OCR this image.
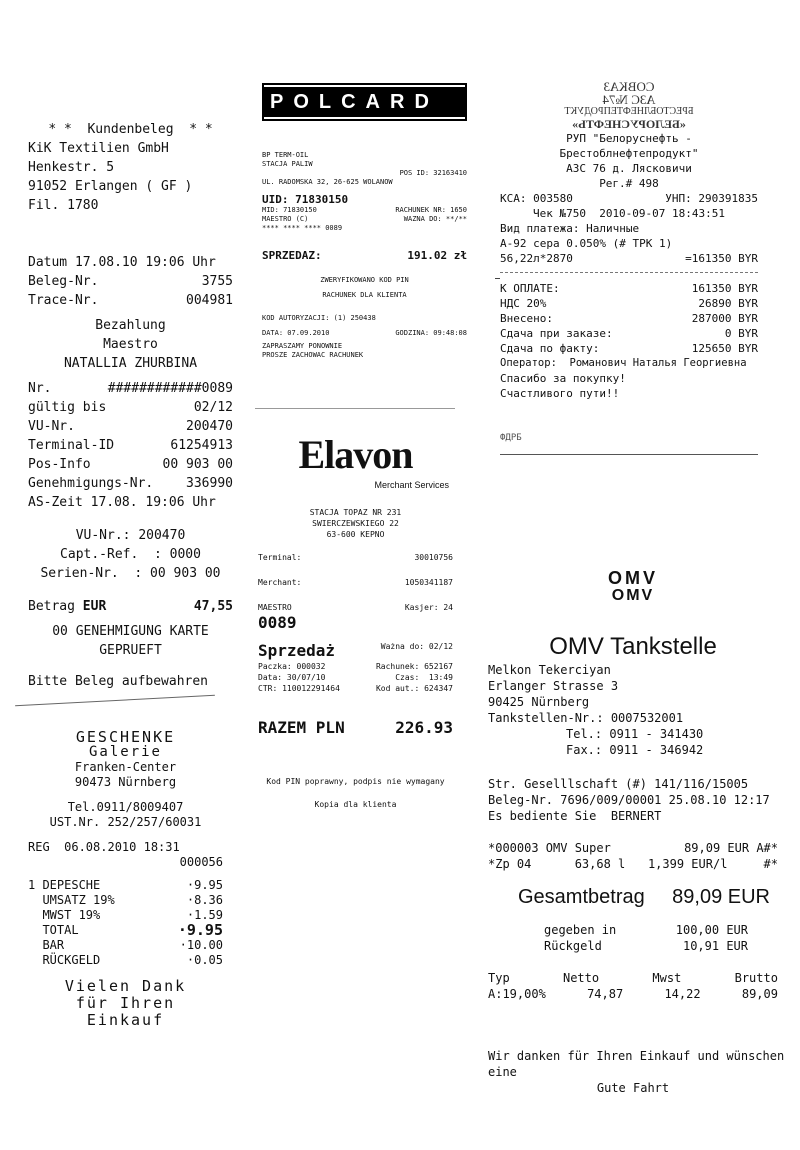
* *  Kundenbeleg  * *
KiK Textilien GmbH
Henkestr. 5
91052 Erlangen ( GF )
Fil. 1780
Datum 17.08.10 19:06 Uhr
Beleg-Nr.	3755
Trace-Nr.	004981
Bezahlung
Maestro
NATALLIA ZHURBINA
Nr.	############0089
gültig bis	02/12
VU-Nr.	200470
Terminal-ID	61254913
Pos-Info	00 903 00
Genehmigungs-Nr.	336990
AS-Zeit 17.08. 19:06 Uhr
VU-Nr.: 200470
Capt.-Ref.  : 0000
Serien-Nr.  : 00 903 00
Betrag EUR	47,55
00 GENEHMIGUNG KARTE
GEPRUEFT
Bitte Beleg aufbewahren
GESCHENKE
Galerie
Franken-Center
90473 Nürnberg
Tel.0911/8009407
UST.Nr. 252/257/60031
REG  06.08.2010 18:31
000056
1 DEPESCHE	·9.95
UMSATZ 19%	·8.36
MWST 19%	·1.59
TOTAL	·9.95
BAR	·10.00
RÜCKGELD	·0.05
Vielen Dank
für Ihren
Einkauf
POLCARD
BP TERM-OIL
STACJA PALIW
POS ID: 32163410
UL. RADOMSKA 32, 26-625 WOLANOW
UID: 71830150
MID: 71830150	RACHUNEK NR: 1650
MAESTRO (C)	WAZNA DO: **/**
**** **** **** 0089
SPRZEDAZ:	191.02 zł
ZWERYFIKOWANO KOD PIN
RACHUNEK DLA KLIENTA
KOD AUTORYZACJI: (1) 250438
DATA: 07.09.2010	GODZINA: 09:48:08
ZAPRASZAMY PONOWNIE
PROSZE ZACHOWAC RACHUNEK
Elavon
Merchant Services
STACJA TOPAZ NR 231
SWIERCZEWSKIEGO 22
63-600 KEPNO
Terminal:	30010756
Merchant:	1050341187
MAESTRO	Kasjer: 24
0089
Sprzedaż	Ważna do: 02/12
Paczka: 000032	Rachunek: 652167
Data: 30/07/10	Czas:  13:49
CTR: 110012291464	Kod aut.: 624347
RAZEM PLN	226.93
Kod PIN poprawny, podpis nie wymagany
Kopia dla klienta
СОВКАЗ
АЗС №74
БРЕСТОБЛНЕФТЕПРОДУКТ
«БЕЛОРУСНЕФТЬ»
РУП "Белоруснефть -
Брестоблнефтепродукт"
АЗС 76 д. Лясковичи
Рег.# 498
КСА: 003580	УНП: 290391835
Чек №750  2010-09-07 18:43:51
Вид платежа: Наличные
А-92 сера 0.050% (# ТРК 1)
56,22л*2870	=161350 BYR
К ОПЛАТЕ:	161350 BYR
НДС 20%	26890 BYR
Внесено:	287000 BYR
Сдача при заказе:	0 BYR
Сдача по факту:	125650 BYR
Оператор:  Романович Наталья Георгиевна
Спасибо за покупку!
Счастливого пути!!
ФДРБ
OMV
OMV
OMV Tankstelle
Melkon Tekerciyan
Erlanger Strasse 3
90425 Nürnberg
Tankstellen-Nr.: 0007532001
Tel.: 0911 - 341430
Fax.: 0911 - 346942
Str. Geselllschaft (#) 141/116/15005
Beleg-Nr. 7696/009/00001 25.08.10 12:17
Es bediente Sie  BERNERT
*000003 OMV Super	89,09 EUR A#*
*Zp 04      63,68 l 1,399 EUR/l     #*
Gesamtbetrag 89,09 EUR
gegeben in	100,00 EUR
Rückgeld	10,91 EUR
Typ	Netto	Mwst	Brutto
A:19,00%	74,87	14,22	89,09
Wir danken für Ihren Einkauf und wünschen
eine
Gute Fahrt
